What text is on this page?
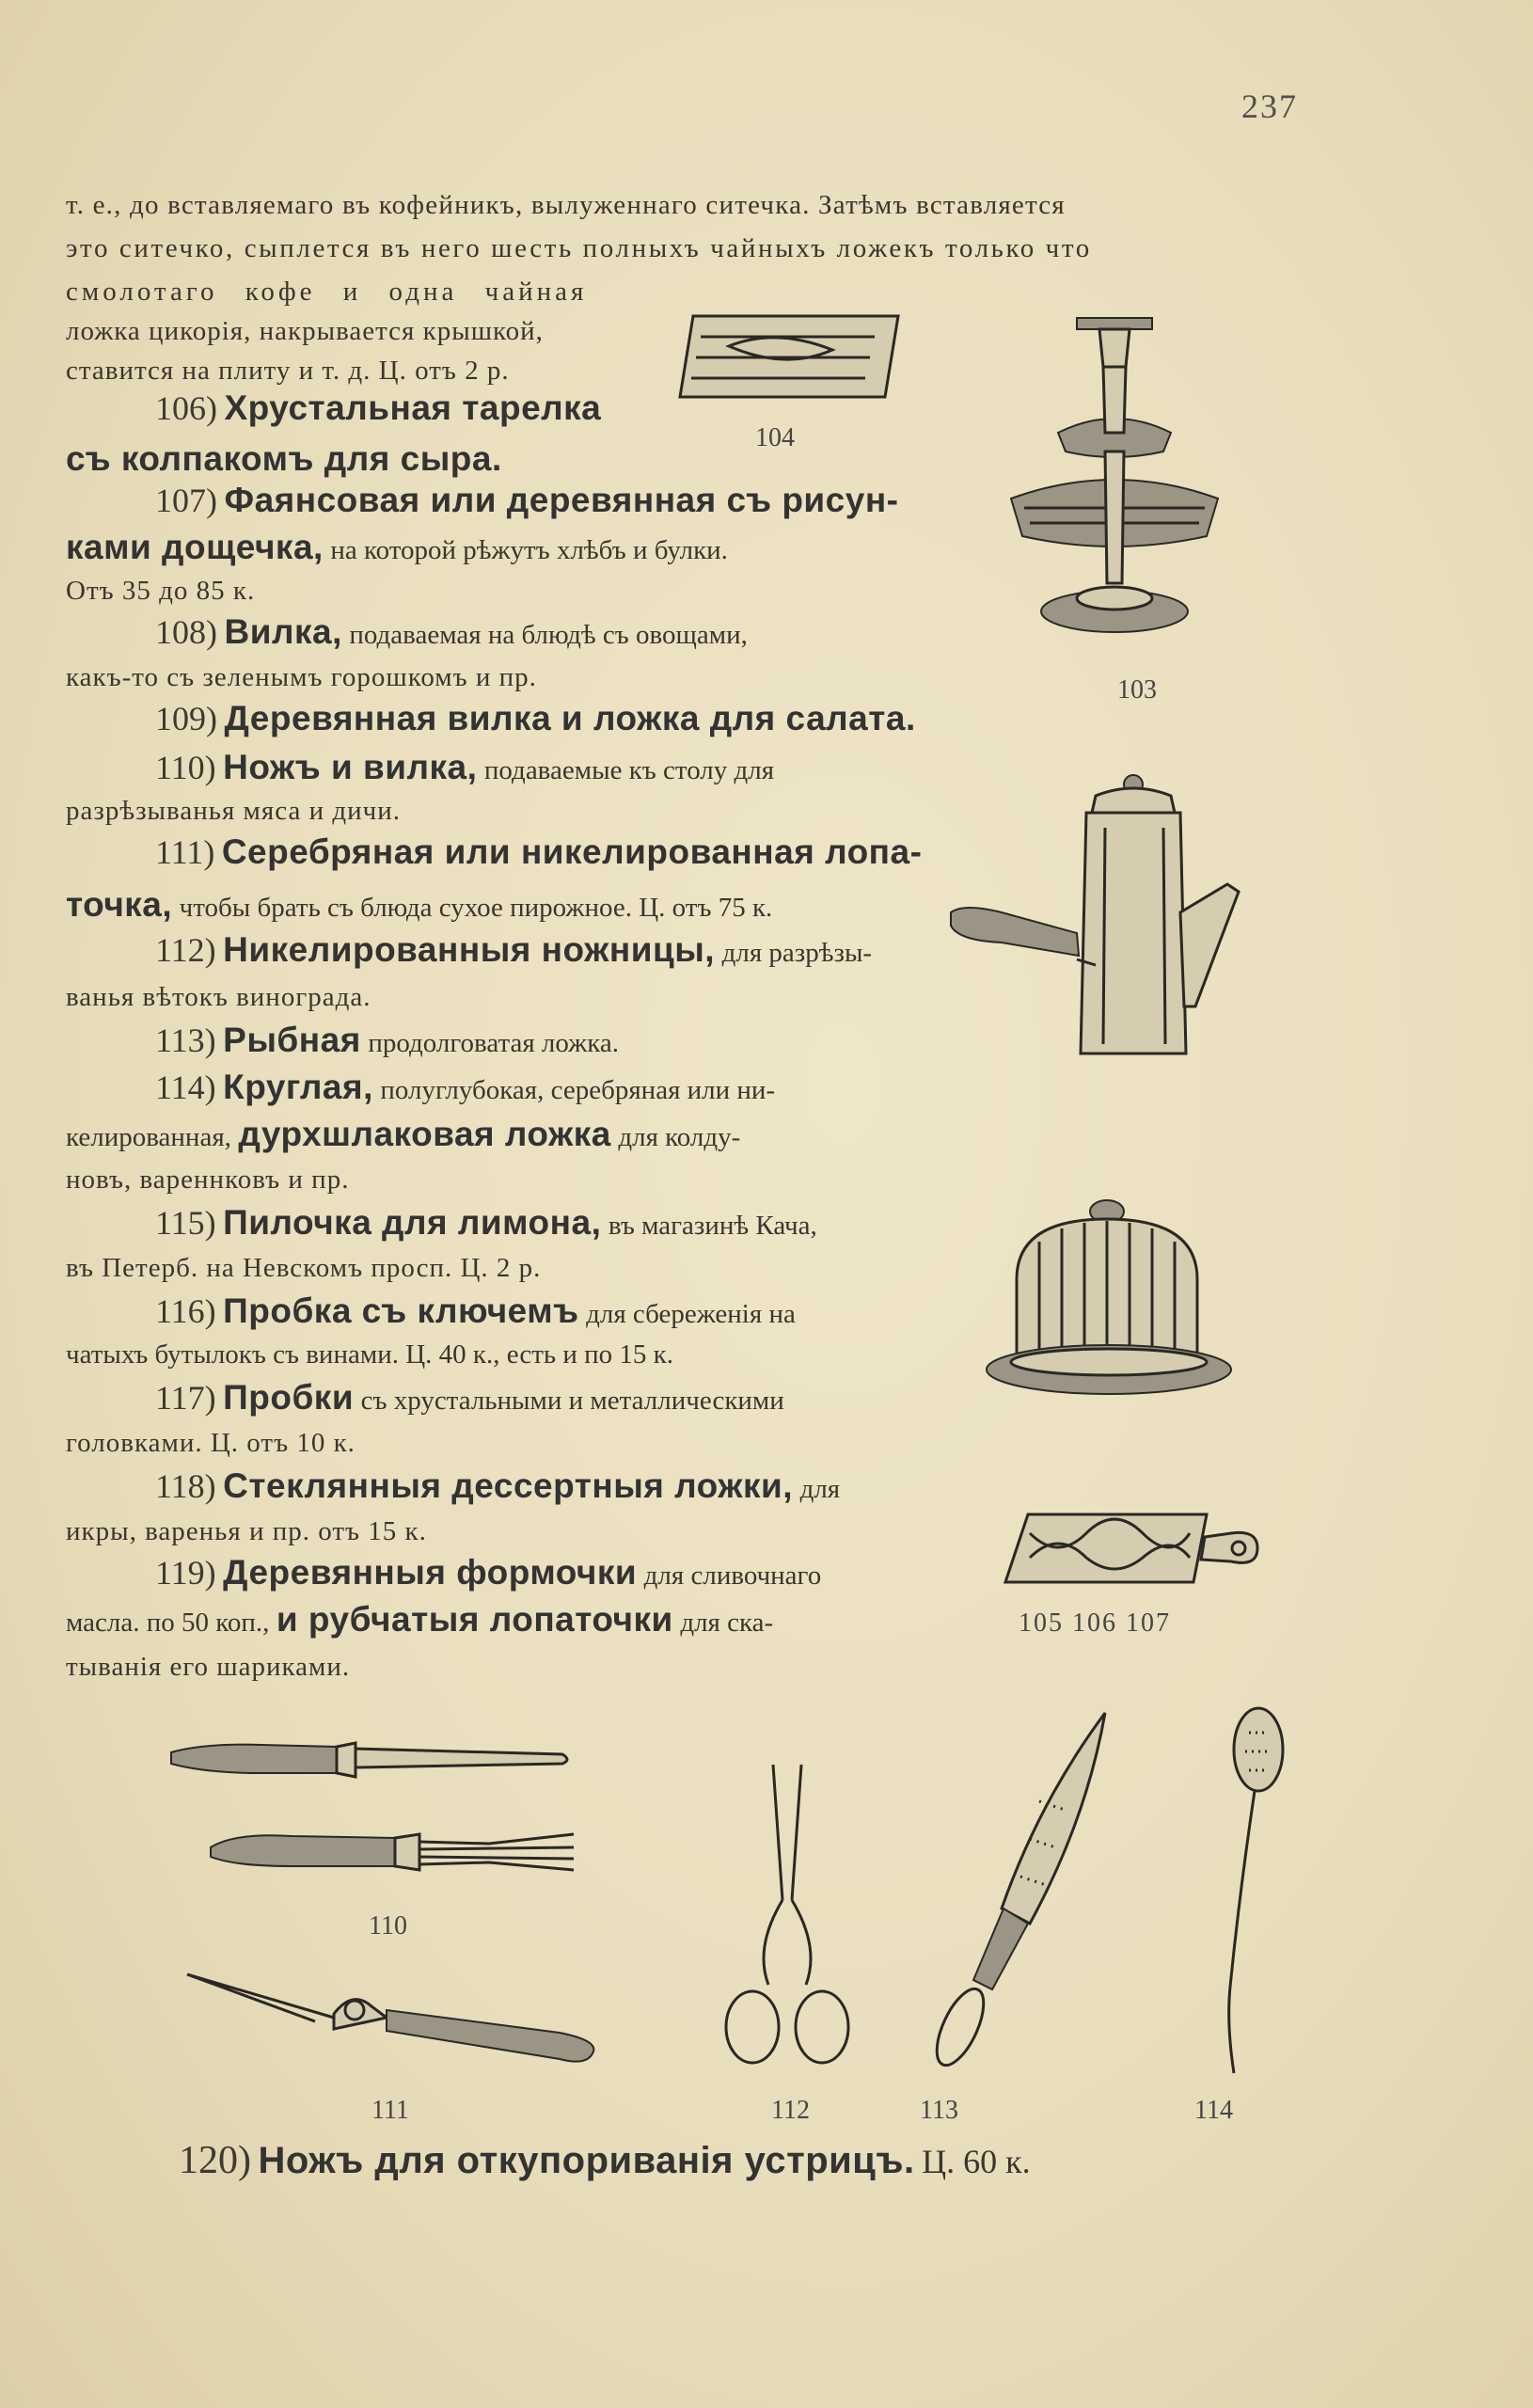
237
т. е., до вставляемаго въ кофейникъ, вылуженнаго ситечка. Затѣмъ вставляется
это ситечко, сыплется въ него шесть полныхъ чайныхъ ложекъ только что
смолотаго кофе и одна чайная
ложка цикорія, накрывается крышкой,
ставится на плиту и т. д. Ц. отъ 2 р.
106) Хрустальная тарелка
съ колпакомъ для сыра.
107) Фаянсовая или деревянная съ рисун-
ками дощечка, на которой рѣжутъ хлѣбъ и булки.
Отъ 35 до 85 к.
108) Вилка, подаваемая на блюдѣ съ овощами,
какъ-то съ зеленымъ горошкомъ и пр.
109) Деревянная вилка и ложка для салата.
110) Ножъ и вилка, подаваемые къ столу для
разрѣзыванья мяса и дичи.
111) Серебряная или никелированная лопа-
точка, чтобы брать съ блюда сухое пирожное. Ц. отъ 75 к.
112) Никелированныя ножницы, для разрѣзы-
ванья вѣтокъ винограда.
113) Рыбная продолговатая ложка.
114) Круглая, полуглубокая, серебряная или ни-
келированная, дурхшлаковая ложка для колду-
новъ, вареннковъ и пр.
115) Пилочка для лимона, въ магазинѣ Кача,
въ Петерб. на Невскомъ просп. Ц. 2 р.
116) Пробка съ ключемъ для сбереженія на
чатыхъ бутылокъ съ винами. Ц. 40 к., есть и по 15 к.
117) Пробки съ хрустальными и металлическими
головками. Ц. отъ 10 к.
118) Стеклянныя дессертныя ложки, для
икры, варенья и пр. отъ 15 к.
119) Деревянныя формочки для сливочнаго
масла. по 50 коп., и рубчатыя лопаточки для ска-
тыванія его шариками.
120) Ножъ для откупориванія устрицъ. Ц. 60 к.
104
103
105 106 107
110
111	112	113	114
